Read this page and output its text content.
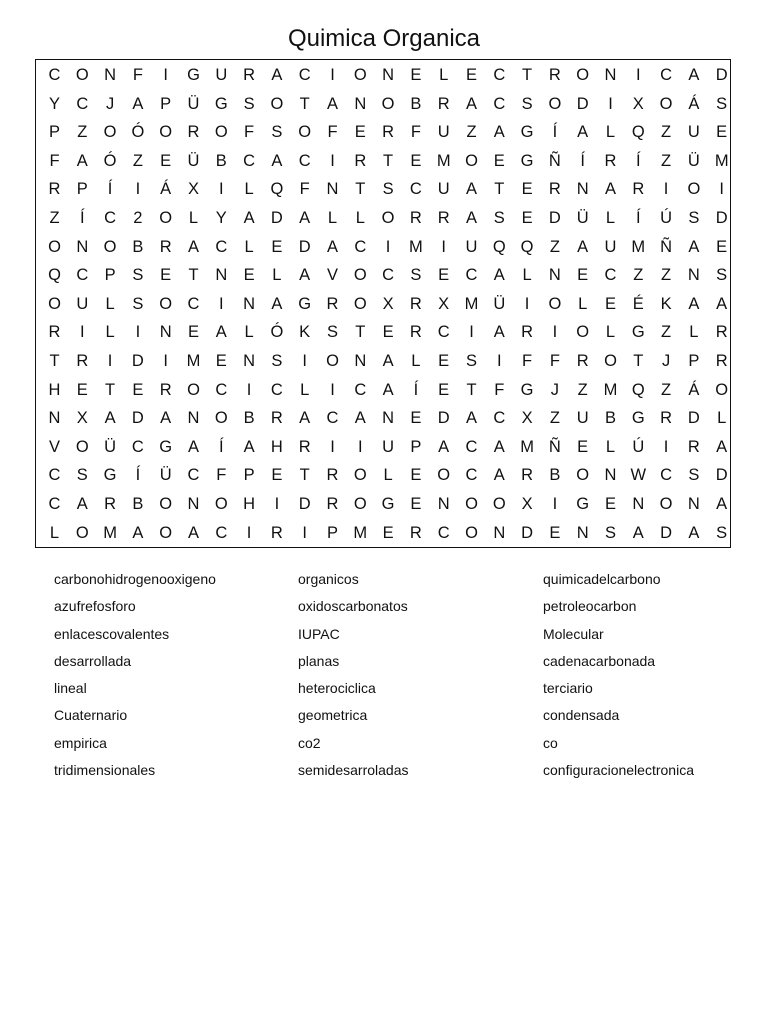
Quimica Organica
C O N	F	I	G U R A C	I	O N E	L	E C	T	R O N	I	C A D
Y C	J	A	P Ü G S O T	A N O B R A C S O D	I	X O Á	S
P	Z O Ó O R O F	S O F	E R	F	U	Z	A G	Í	A	L	Q Z	U E
F	A Ó Z	E Ü B C A C	I	R	T	E M O E G Ñ	Í	R	Í	Z	Ü M
R P	Í	I	Á	X	I	L	Q F	N	T	S C U A	T	E R N A R	I	O	I
Z	Í	C	2	O	L	Y	A D A	L	L	O R R A	S	E D Ü	L	Í	Ú S D
O N O B R A C	L	E D A C	I	M	I	U Q Q Z	A U M Ñ A	E
Q C P	S	E	T	N E	L	A	V O C S	E C A	L	N E C	Z	Z	N S
O U	L	S O C	I	N A G R O X R X M Ü	I	O	L	E	É	K	A	A
R	I	L	I	N E	A	L	Ó K	S	T	E R C	I	A R	I	O	L	G Z	L	R
T	R	I	D	I	M E N S	I	O N A	L	E	S	I	F	F	R O T	J	P R
H E	T	E R O C	I	C	L	I	C A	Í	E	T	F G	J	Z M Q Z	Á O
N X	A D A N O B R A C A N E D A C X	Z	U B G R D	L
V O Ü C G A	Í	A H R	I	I	U P	A C A M Ñ E	L	Ú	I	R A
C S G	Í	Ü C	F	P	E	T	R O	L	E O C A R B O N W C S D
C A R B O N O H	I	D R O G E N O O X	I	G E N O N A
L	O M A O A C	I	R	I	P M E R C O N D E N S	A D A	S
carbonohidrogenooxigeno
azufrefosforo
enlacescovalentes
desarrollada
lineal
Cuaternario
empirica
tridimensionales
organicos
oxidoscarbonatos
IUPAC
planas
heterociclica
geometrica
co2
semidesarroladas
quimicadelcarbono
petroleocarbon
Molecular
cadenacarbonada
terciario
condensada
co
configuracionelectronica
